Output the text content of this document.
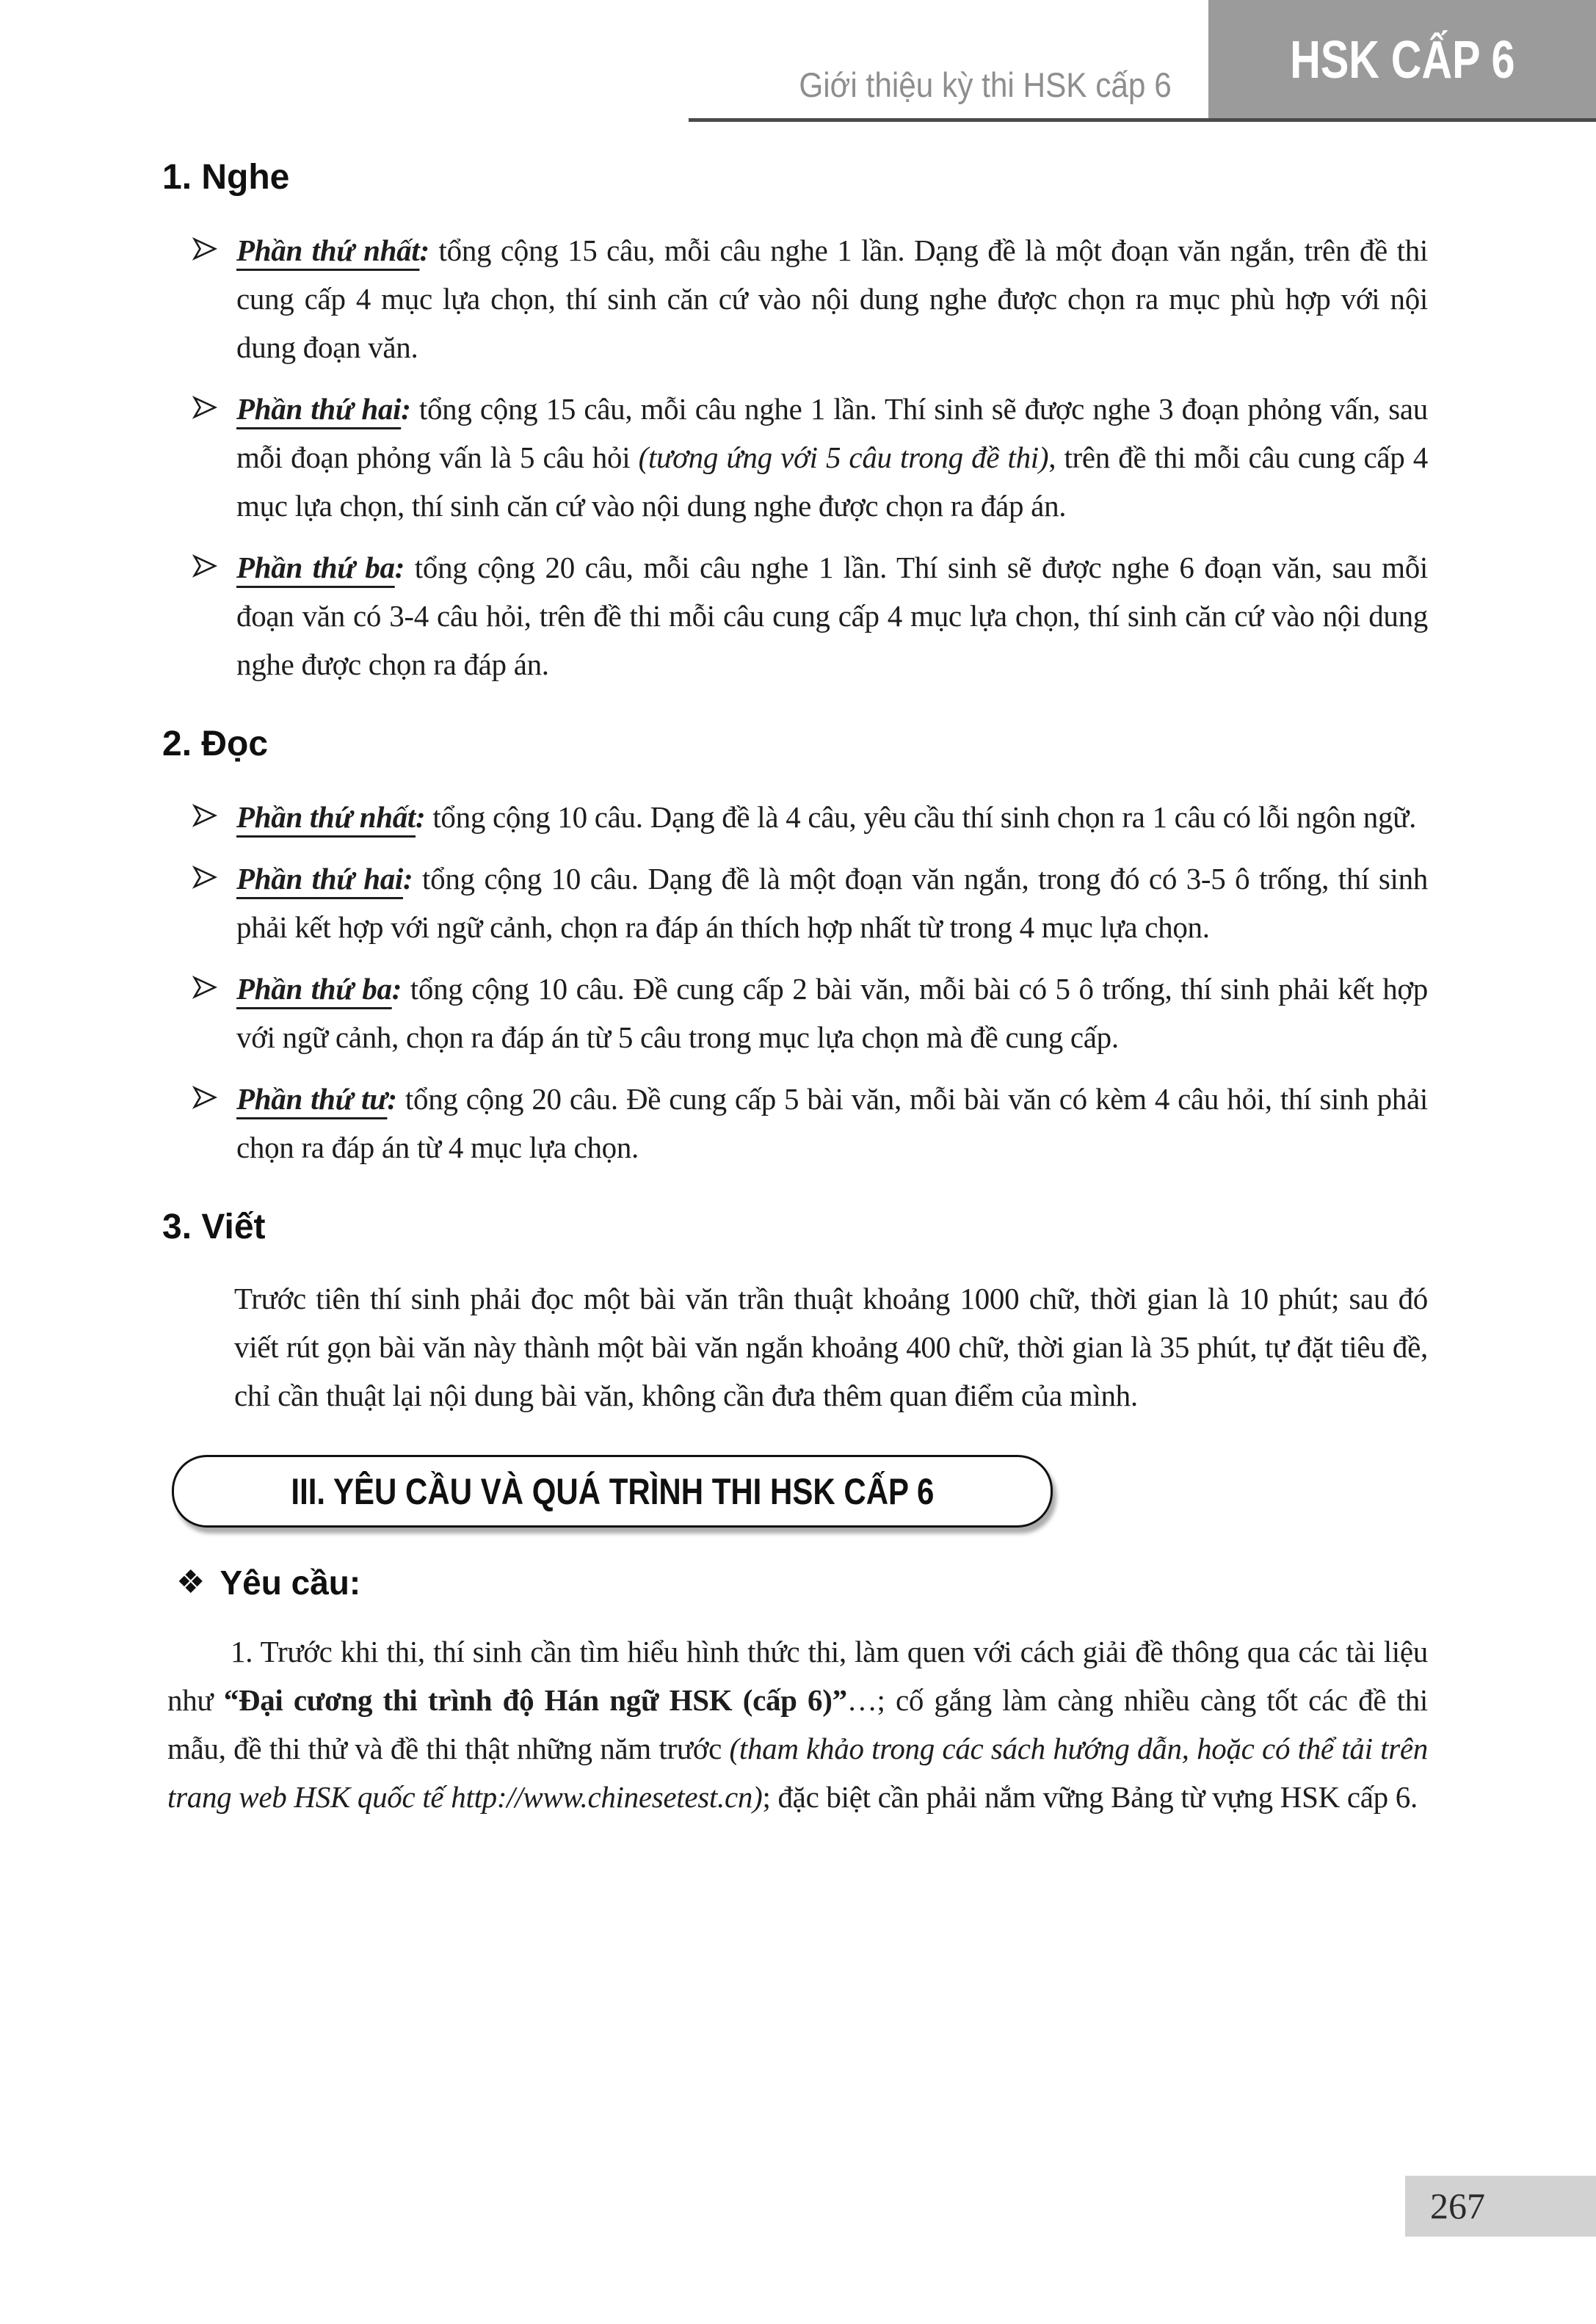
Giới thiệu kỳ thi HSK cấp 6 HSK CẤP 6
1. Nghe
Phần thứ nhất: tổng cộng 15 câu, mỗi câu nghe 1 lần. Dạng đề là một đoạn văn ngắn, trên đề thi cung cấp 4 mục lựa chọn, thí sinh căn cứ vào nội dung nghe được chọn ra mục phù hợp với nội dung đoạn văn.
Phần thứ hai: tổng cộng 15 câu, mỗi câu nghe 1 lần. Thí sinh sẽ được nghe 3 đoạn phỏng vấn, sau mỗi đoạn phỏng vấn là 5 câu hỏi (tương ứng với 5 câu trong đề thi), trên đề thi mỗi câu cung cấp 4 mục lựa chọn, thí sinh căn cứ vào nội dung nghe được chọn ra đáp án.
Phần thứ ba: tổng cộng 20 câu, mỗi câu nghe 1 lần. Thí sinh sẽ được nghe 6 đoạn văn, sau mỗi đoạn văn có 3-4 câu hỏi, trên đề thi mỗi câu cung cấp 4 mục lựa chọn, thí sinh căn cứ vào nội dung nghe được chọn ra đáp án.
2. Đọc
Phần thứ nhất: tổng cộng 10 câu. Dạng đề là 4 câu, yêu cầu thí sinh chọn ra 1 câu có lỗi ngôn ngữ.
Phần thứ hai: tổng cộng 10 câu. Dạng đề là một đoạn văn ngắn, trong đó có 3-5 ô trống, thí sinh phải kết hợp với ngữ cảnh, chọn ra đáp án thích hợp nhất từ trong 4 mục lựa chọn.
Phần thứ ba: tổng cộng 10 câu. Đề cung cấp 2 bài văn, mỗi bài có 5 ô trống, thí sinh phải kết hợp với ngữ cảnh, chọn ra đáp án từ 5 câu trong mục lựa chọn mà đề cung cấp.
Phần thứ tư: tổng cộng 20 câu. Đề cung cấp 5 bài văn, mỗi bài văn có kèm 4 câu hỏi, thí sinh phải chọn ra đáp án từ 4 mục lựa chọn.
3. Viết

Trước tiên thí sinh phải đọc một bài văn trần thuật khoảng 1000 chữ, thời gian là 10 phút; sau đó viết rút gọn bài văn này thành một bài văn ngắn khoảng 400 chữ, thời gian là 35 phút, tự đặt tiêu đề, chỉ cần thuật lại nội dung bài văn, không cần đưa thêm quan điểm của mình.

III. YÊU CẦU VÀ QUÁ TRÌNH THI HSK CẤP 6
❖ Yêu cầu:

1. Trước khi thi, thí sinh cần tìm hiểu hình thức thi, làm quen với cách giải đề thông qua các tài liệu như “Đại cương thi trình độ Hán ngữ HSK (cấp 6)”…; cố gắng làm càng nhiều càng tốt các đề thi mẫu, đề thi thử và đề thi thật những năm trước (tham khảo trong các sách hướng dẫn, hoặc có thể tải trên trang web HSK quốc tế http://www.chinesetest.cn); đặc biệt cần phải nắm vững Bảng từ vựng HSK cấp 6.

267
